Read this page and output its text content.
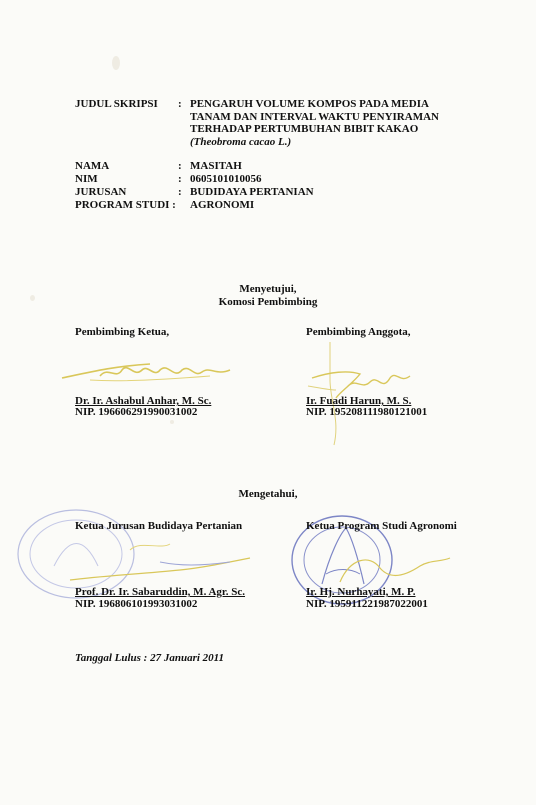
JUDUL SKRIPSI	: PENGARUH VOLUME KOMPOS PADA MEDIA
TANAM DAN INTERVAL WAKTU PENYIRAMAN
TERHADAP PERTUMBUHAN BIBIT KAKAO
(Theobroma cacao L.)
NAMA	: MASITAH
NIM	: 0605101010056
JURUSAN	: BUDIDAYA PERTANIAN
PROGRAM STUDI : AGRONOMI
Menyetujui,
Komosi Pembimbing
Pembimbing Ketua,
Dr. Ir. Ashabul Anhar, M. Sc.
NIP. 196606291990031002
Pembimbing Anggota,
Ir. Fuadi Harun, M. S.
NIP. 195208111980121001
Mengetahui,
Ketua Jurusan Budidaya Pertanian
Prof. Dr. Ir. Sabaruddin, M. Agr. Sc.
NIP. 196806101993031002
Ketua Program Studi Agronomi
Ir. Hj. Nurhayati, M. P.
NIP. 195911221987022001
Tanggal Lulus : 27 Januari 2011
